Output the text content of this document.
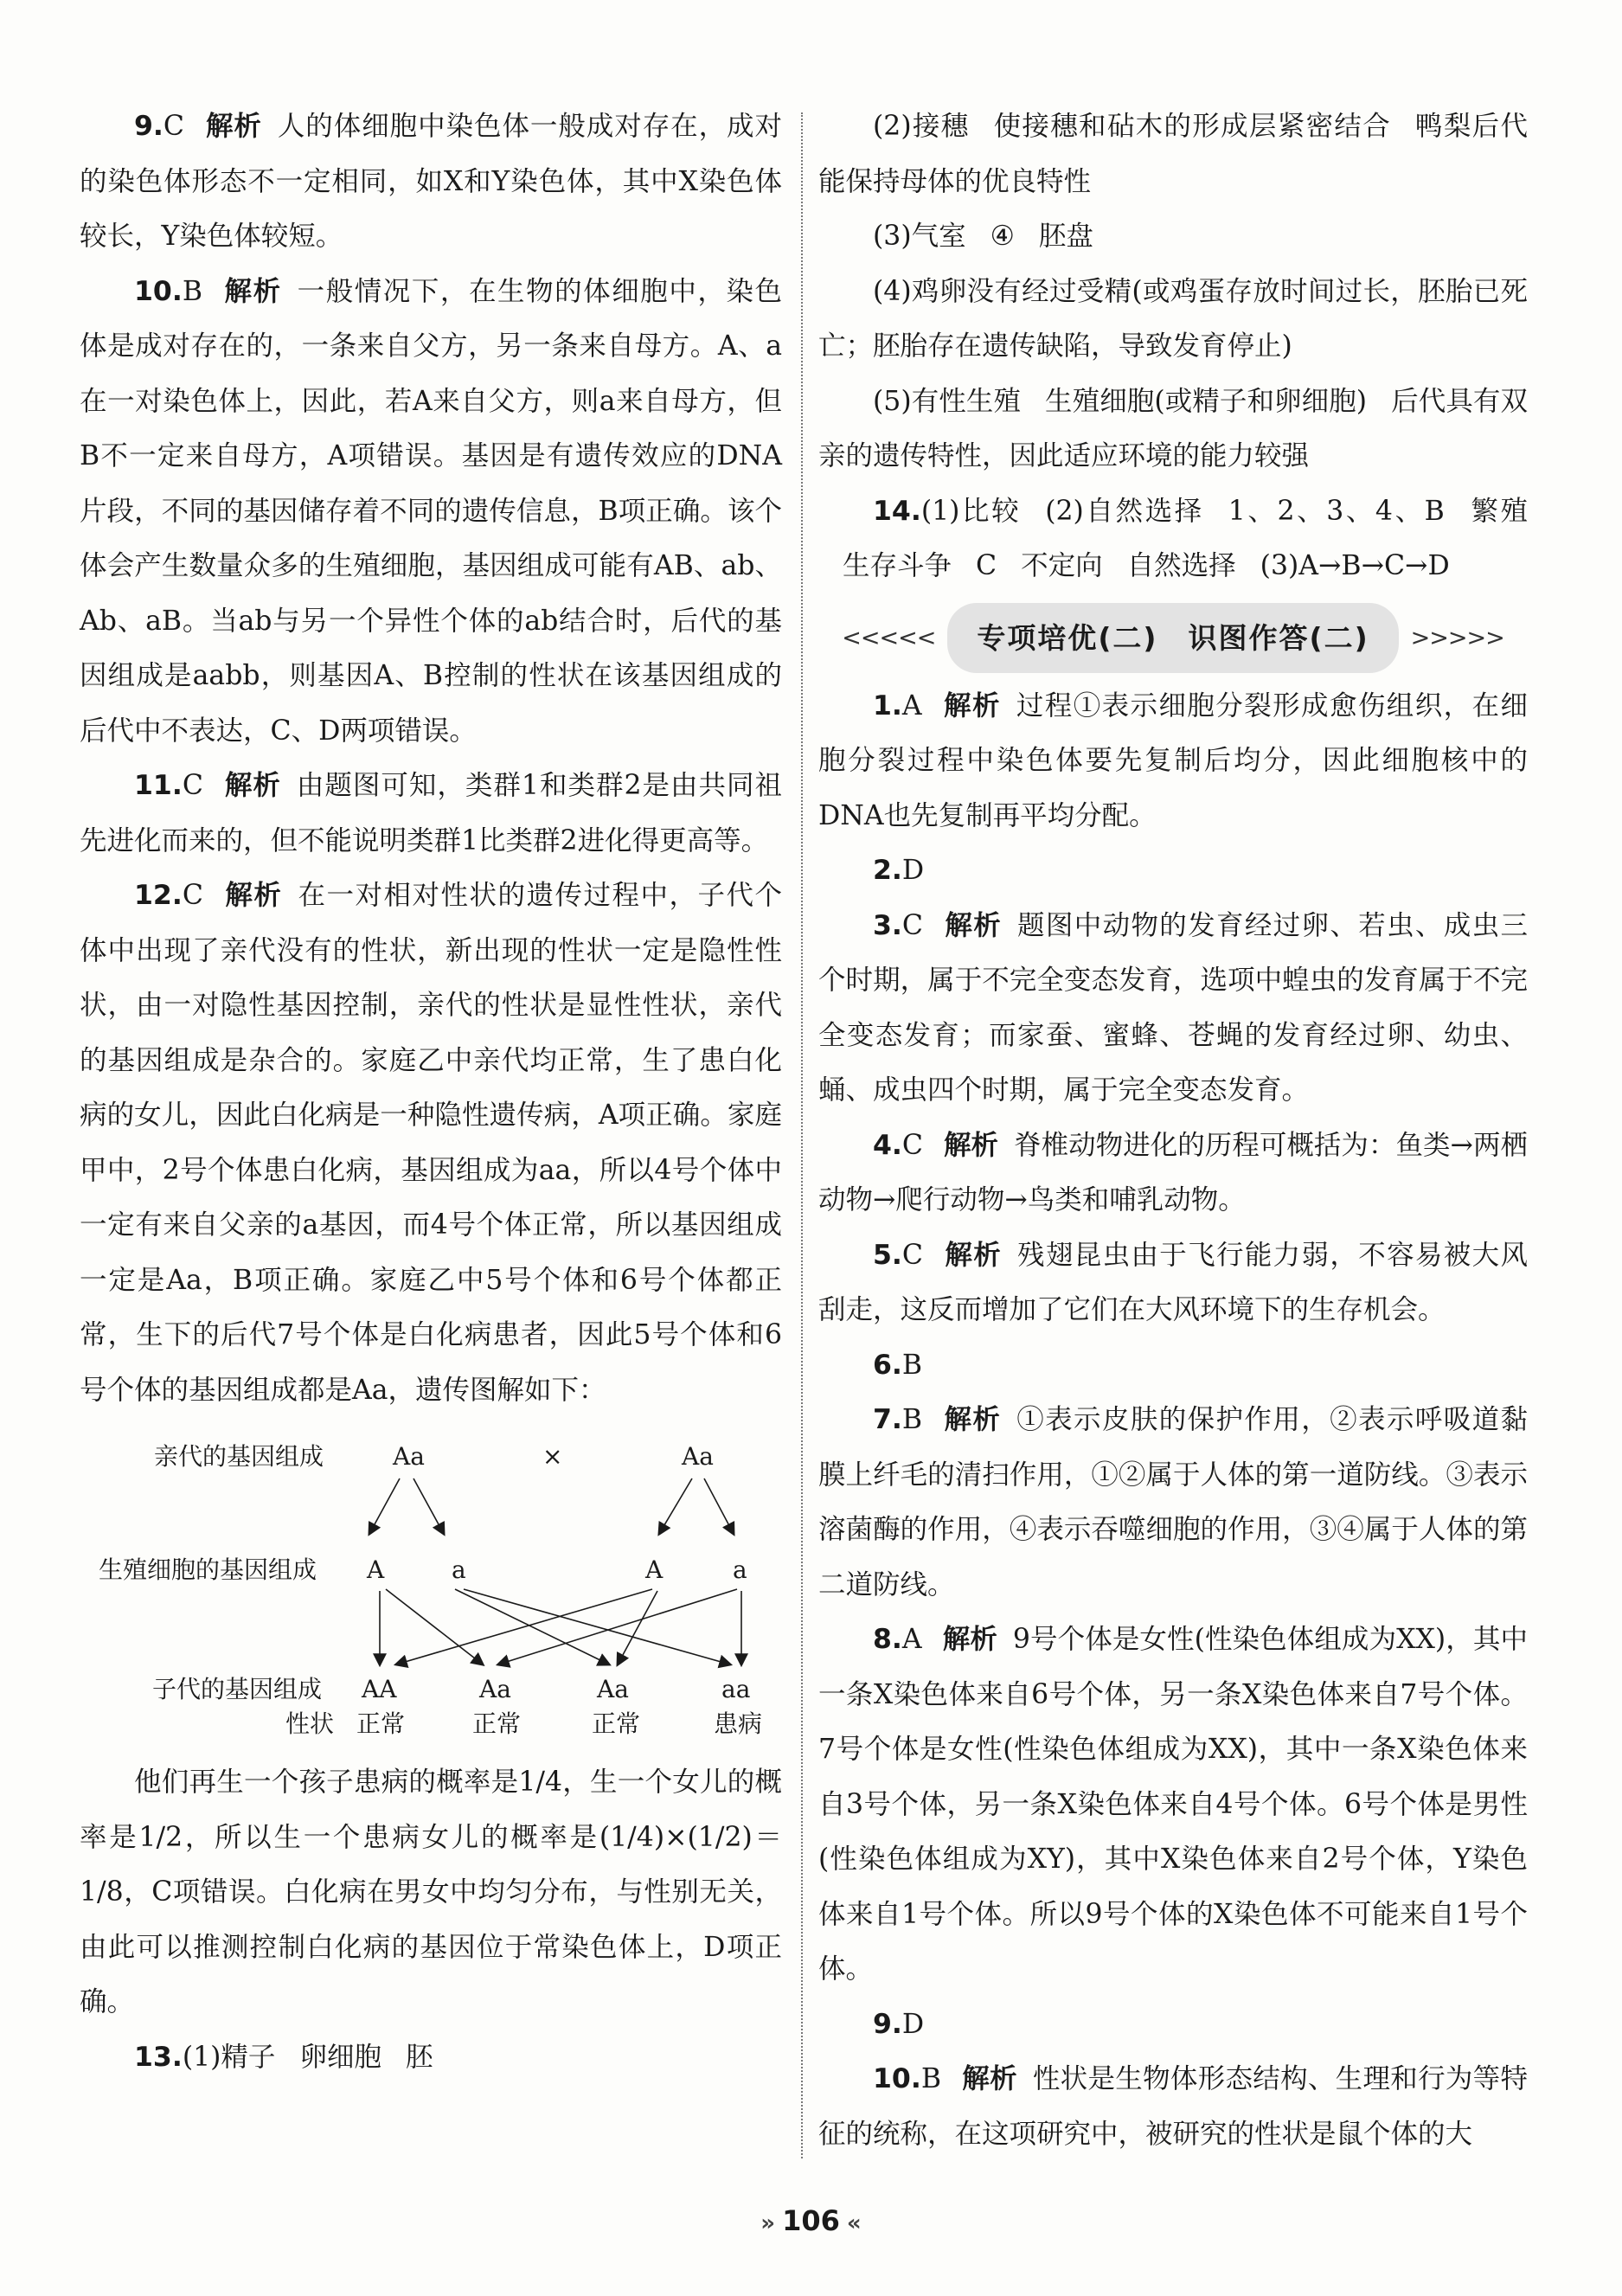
9.C 解析 人的体细胞中染色体一般成对存在，成对的染色体形态不一定相同，如X和Y染色体，其中X染色体较长，Y染色体较短。

10.B 解析 一般情况下，在生物的体细胞中，染色体是成对存在的，一条来自父方，另一条来自母方。A、a在一对染色体上，因此，若A来自父方，则a来自母方，但B不一定来自母方，A项错误。基因是有遗传效应的DNA片段，不同的基因储存着不同的遗传信息，B项正确。该个体会产生数量众多的生殖细胞，基因组成可能有AB、ab、Ab、aB。当ab与另一个异性个体的ab结合时，后代的基因组成是aabb，则基因A、B控制的性状在该基因组成的后代中不表达，C、D两项错误。

11.C 解析 由题图可知，类群1和类群2是由共同祖先进化而来的，但不能说明类群1比类群2进化得更高等。

12.C 解析 在一对相对性状的遗传过程中，子代个体中出现了亲代没有的性状，新出现的性状一定是隐性性状，由一对隐性基因控制，亲代的性状是显性性状，亲代的基因组成是杂合的。家庭乙中亲代均正常，生了患白化病的女儿，因此白化病是一种隐性遗传病，A项正确。家庭甲中，2号个体患白化病，基因组成为aa，所以4号个体中一定有来自父亲的a基因，而4号个体正常，所以基因组成一定是Aa，B项正确。家庭乙中5号个体和6号个体都正常，生下的后代7号个体是白化病患者，因此5号个体和6号个体的基因组成都是Aa，遗传图解如下：

亲代的基因组成	Aa	×	Aa
生殖细胞的基因组成 A	a	A	a
子代的基因组成 AA	Aa	Aa	aa
性状 正常	正常	正常	患病

他们再生一个孩子患病的概率是1/4，生一个女儿的概率是1/2，所以生一个患病女儿的概率是(1/4)×(1/2)＝1/8，C项错误。白化病在男女中均匀分布，与性别无关，由此可以推测控制白化病的基因位于常染色体上，D项正确。

13.(1)精子 卵细胞 胚

(2)接穗 使接穗和砧木的形成层紧密结合 鸭梨后代能保持母体的优良特性

(3)气室 ④ 胚盘

(4)鸡卵没有经过受精(或鸡蛋存放时间过长，胚胎已死亡；胚胎存在遗传缺陷，导致发育停止)

(5)有性生殖 生殖细胞(或精子和卵细胞) 后代具有双亲的遗传特性，因此适应环境的能力较强

14.(1)比较 (2)自然选择 1、2、3、4、B 繁殖生存斗争 C 不定向 自然选择 (3)A→B→C→D

<<<<<	专项培优(二)　识图作答(二)	>>>>>

1.A 解析 过程①表示细胞分裂形成愈伤组织，在细胞分裂过程中染色体要先复制后均分，因此细胞核中的DNA也先复制再平均分配。

2.D

3.C 解析 题图中动物的发育经过卵、若虫、成虫三个时期，属于不完全变态发育，选项中蝗虫的发育属于不完全变态发育；而家蚕、蜜蜂、苍蝇的发育经过卵、幼虫、蛹、成虫四个时期，属于完全变态发育。

4.C 解析 脊椎动物进化的历程可概括为：鱼类→两栖动物→爬行动物→鸟类和哺乳动物。

5.C 解析 残翅昆虫由于飞行能力弱，不容易被大风刮走，这反而增加了它们在大风环境下的生存机会。

6.B

7.B 解析 ①表示皮肤的保护作用，②表示呼吸道黏膜上纤毛的清扫作用，①②属于人体的第一道防线。③表示溶菌酶的作用，④表示吞噬细胞的作用，③④属于人体的第二道防线。

8.A 解析 9号个体是女性(性染色体组成为XX)，其中一条X染色体来自6号个体，另一条X染色体来自7号个体。7号个体是女性(性染色体组成为XX)，其中一条X染色体来自3号个体，另一条X染色体来自4号个体。6号个体是男性(性染色体组成为XY)，其中X染色体来自2号个体，Y染色体来自1号个体。所以9号个体的X染色体不可能来自1号个体。

9.D

10.B 解析 性状是生物体形态结构、生理和行为等特征的统称，在这项研究中，被研究的性状是鼠个体的大

» 106 «
